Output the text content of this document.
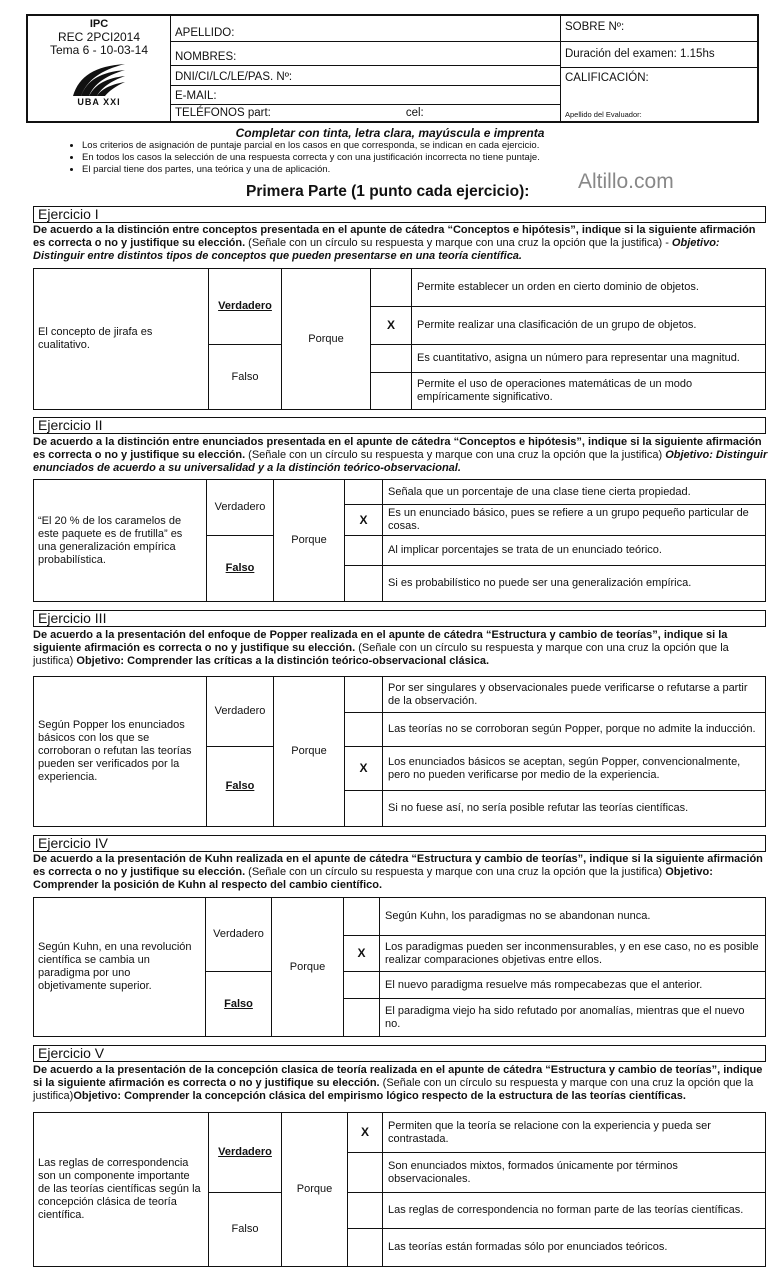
IPC
REC 2PCI2014
Tema 6 - 10-03-14
UBA XXI
APELLIDO:
NOMBRES:
DNI/CI/LC/LE/PAS. Nº:
E-MAIL:
TELÉFONOS part:	cel:
SOBRE Nº:
Duración del examen: 1.15hs
CALIFICACIÓN:
Apellido del Evaluador:
Completar con tinta, letra clara, mayúscula e imprenta
• Los criterios de asignación de puntaje parcial en los casos en que corresponda, se indican en cada ejercicio.
• En todos los casos la selección de una respuesta correcta y con una justificación incorrecta no tiene puntaje.
• El parcial tiene dos partes, una teórica y una de aplicación.
Altillo.com
Primera Parte (1 punto cada ejercicio):
Ejercicio I
De acuerdo a la distinción entre conceptos presentada en el apunte de cátedra “Conceptos e hipótesis”, indique si la siguiente afirmación es correcta o no y justifique su elección. (Señale con un círculo su respuesta y marque con una cruz la opción que la justifica) - Objetivo: Distinguir entre distintos tipos de conceptos que pueden presentarse en una teoría científica.
El concepto de jirafa es cualitativo.	Verdadero	Porque		Permite establecer un orden en cierto dominio de objetos.
			X	Permite realizar una clasificación de un grupo de objetos.
	Falso			Es cuantitativo, asigna un número para representar una magnitud.
				Permite el uso de operaciones matemáticas de un modo empíricamente significativo.
Ejercicio II
De acuerdo a la distinción entre enunciados presentada en el apunte de cátedra “Conceptos e hipótesis”, indique si la siguiente afirmación es correcta o no y justifique su elección. (Señale con un círculo su respuesta y marque con una cruz la opción que la justifica) Objetivo: Distinguir enunciados de acuerdo a su universalidad y a la distinción teórico-observacional.
“El 20 % de los caramelos de este paquete es de frutilla” es una generalización empírica probabilística.	Verdadero	Porque		Señala que un porcentaje de una clase tiene cierta propiedad.
			X	Es un enunciado básico, pues se refiere a un grupo pequeño particular de cosas.
	Falso			Al implicar porcentajes se trata de un enunciado teórico.
				Si es probabilístico no puede ser una generalización empírica.
Ejercicio III
De acuerdo a la presentación del enfoque de Popper realizada en el apunte de cátedra “Estructura y cambio de teorías”, indique si la siguiente afirmación es correcta o no y justifique su elección. (Señale con un círculo su respuesta y marque con una cruz la opción que la justifica) Objetivo: Comprender las críticas a la distinción teórico-observacional clásica.
Según Popper los enunciados básicos con los que se corroboran o refutan las teorías pueden ser verificados por la experiencia.	Verdadero	Porque		Por ser singulares y observacionales puede verificarse o refutarse a partir de la observación.
				Las teorías no se corroboran según Popper, porque no admite la inducción.
	Falso		X	Los enunciados básicos se aceptan, según Popper, convencionalmente, pero no pueden verificarse por medio de la experiencia.
				Si no fuese así, no sería posible refutar las teorías científicas.
Ejercicio IV
De acuerdo a la presentación de Kuhn realizada en el apunte de cátedra “Estructura y cambio de teorías”, indique si la siguiente afirmación es correcta o no y justifique su elección. (Señale con un círculo su respuesta y marque con una cruz la opción que la justifica) Objetivo: Comprender la posición de Kuhn al respecto del cambio científico.
Según Kuhn, en una revolución científica se cambia un paradigma por uno objetivamente superior.	Verdadero	Porque		Según Kuhn, los paradigmas no se abandonan nunca.
			X	Los paradigmas pueden ser inconmensurables, y en ese caso, no es posible realizar comparaciones objetivas entre ellos.
	Falso			El nuevo paradigma resuelve más rompecabezas que el anterior.
				El paradigma viejo ha sido refutado por anomalías, mientras que el nuevo no.
Ejercicio V
De acuerdo a la presentación de la concepción clasica de teoría realizada en el apunte de cátedra “Estructura y cambio de teorías”, indique si la siguiente afirmación es correcta o no y justifique su elección. (Señale con un círculo su respuesta y marque con una cruz la opción que la justifica)Objetivo: Comprender la concepción clásica del empirismo lógico respecto de la estructura de las teorías científicas.
Las reglas de correspondencia son un componente importante de las teorías científicas según la concepción clásica de teoría científica.	Verdadero	Porque	X	Permiten que la teoría se relacione con la experiencia y pueda ser contrastada.
				Son enunciados mixtos, formados únicamente por términos observacionales.
	Falso			Las reglas de correspondencia no forman parte de las teorías científicas.
				Las teorías están formadas sólo por enunciados teóricos.
